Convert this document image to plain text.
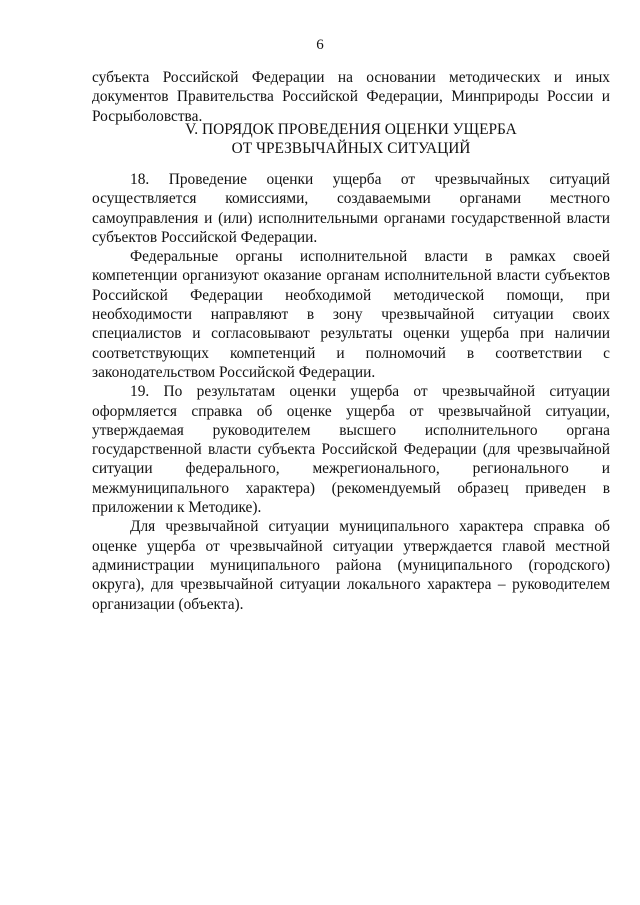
6
субъекта Российской Федерации на основании методических и иных документов Правительства Российской Федерации, Минприроды России и Росрыболовства.
V. ПОРЯДОК ПРОВЕДЕНИЯ ОЦЕНКИ УЩЕРБА
ОТ ЧРЕЗВЫЧАЙНЫХ СИТУАЦИЙ

18. Проведение оценки ущерба от чрезвычайных ситуаций осуществляется комиссиями, создаваемыми органами местного самоуправления и (или) исполнительными органами государственной власти субъектов Российской Федерации.

Федеральные органы исполнительной власти в рамках своей компетенции организуют оказание органам исполнительной власти субъектов Российской Федерации необходимой методической помощи, при необходимости направляют в зону чрезвычайной ситуации своих специалистов и согласовывают результаты оценки ущерба при наличии соответствующих компетенций и полномочий в соответствии с законодательством Российской Федерации.

19. По результатам оценки ущерба от чрезвычайной ситуации оформляется справка об оценке ущерба от чрезвычайной ситуации, утверждаемая руководителем высшего исполнительного органа государственной власти субъекта Российской Федерации (для чрезвычайной ситуации федерального, межрегионального, регионального и межмуниципального характера) (рекомендуемый образец приведен в приложении к Методике).

Для чрезвычайной ситуации муниципального характера справка об оценке ущерба от чрезвычайной ситуации утверждается главой местной администрации муниципального района (муниципального (городского) округа), для чрезвычайной ситуации локального характера – руководителем организации (объекта).
